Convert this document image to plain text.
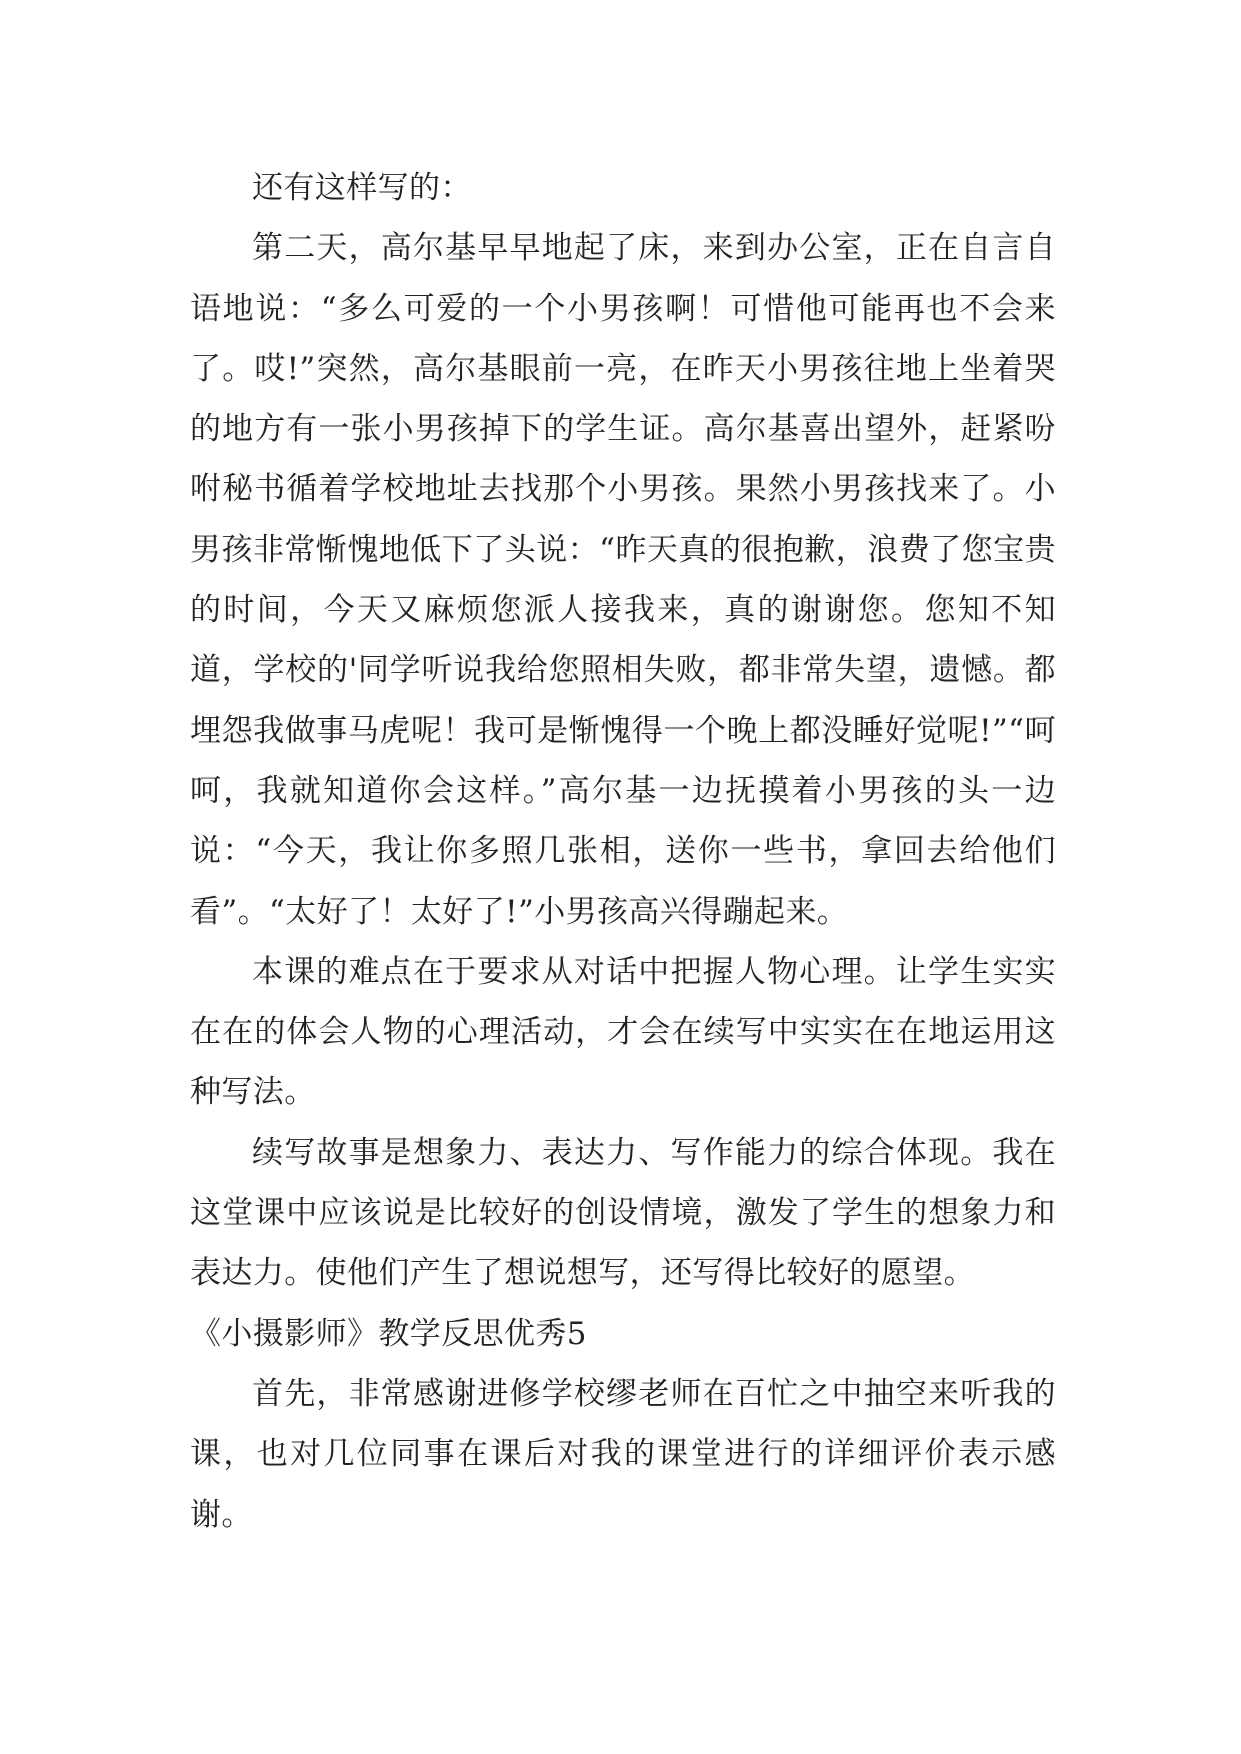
还有这样写的：

第二天，高尔基早早地起了床，来到办公室，正在自言自语地说：“多么可爱的一个小男孩啊！可惜他可能再也不会来了。哎!”突然，高尔基眼前一亮，在昨天小男孩往地上坐着哭的地方有一张小男孩掉下的学生证。高尔基喜出望外，赶紧吩咐秘书循着学校地址去找那个小男孩。果然小男孩找来了。小男孩非常惭愧地低下了头说：“昨天真的很抱歉，浪费了您宝贵的时间，今天又麻烦您派人接我来，真的谢谢您。您知不知道，学校的'同学听说我给您照相失败，都非常失望，遗憾。都埋怨我做事马虎呢！我可是惭愧得一个晚上都没睡好觉呢!”“呵呵，我就知道你会这样。”高尔基一边抚摸着小男孩的头一边说：“今天，我让你多照几张相，送你一些书，拿回去给他们看”。“太好了！太好了!”小男孩高兴得蹦起来。

本课的难点在于要求从对话中把握人物心理。让学生实实在在的体会人物的心理活动，才会在续写中实实在在地运用这种写法。

续写故事是想象力、表达力、写作能力的综合体现。我在这堂课中应该说是比较好的创设情境，激发了学生的想象力和表达力。使他们产生了想说想写，还写得比较好的愿望。

《小摄影师》教学反思优秀5

首先，非常感谢进修学校缪老师在百忙之中抽空来听我的课，也对几位同事在课后对我的课堂进行的详细评价表示感谢。
